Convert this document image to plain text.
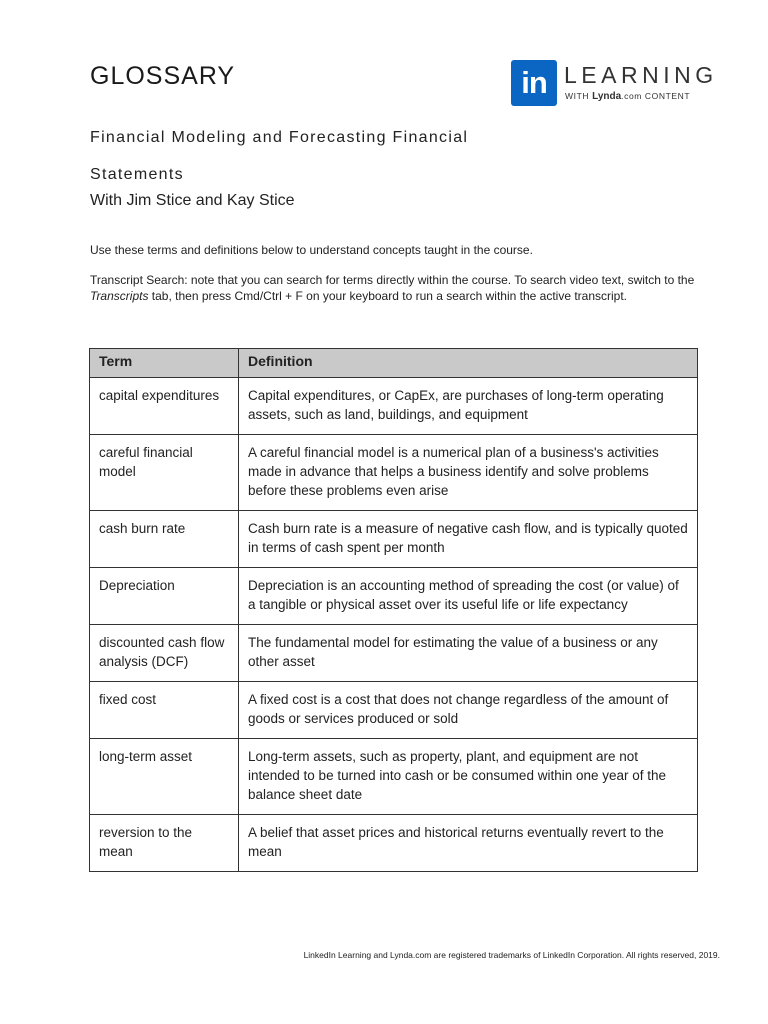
GLOSSARY	in LEARNING
WITH Lynda.com CONTENT
Financial Modeling and Forecasting Financial
Statements
With Jim Stice and Kay Stice
Use these terms and definitions below to understand concepts taught in the course.
Transcript Search: note that you can search for terms directly within the course. To search video text, switch to the Transcripts tab, then press Cmd/Ctrl + F on your keyboard to run a search within the active transcript.
Term	Definition
capital expenditures	Capital expenditures, or CapEx, are purchases of long-term operating assets, such as land, buildings, and equipment
careful financial model	A careful financial model is a numerical plan of a business's activities made in advance that helps a business identify and solve problems before these problems even arise
cash burn rate	Cash burn rate is a measure of negative cash flow, and is typically quoted in terms of cash spent per month
Depreciation	Depreciation is an accounting method of spreading the cost (or value) of a tangible or physical asset over its useful life or life expectancy
discounted cash flow analysis (DCF)	The fundamental model for estimating the value of a business or any other asset
fixed cost	A fixed cost is a cost that does not change regardless of the amount of goods or services produced or sold
long-term asset	Long-term assets, such as property, plant, and equipment are not intended to be turned into cash or be consumed within one year of the balance sheet date
reversion to the mean	A belief that asset prices and historical returns eventually revert to the mean
LinkedIn Learning and Lynda.com are registered trademarks of LinkedIn Corporation. All rights reserved, 2019.
